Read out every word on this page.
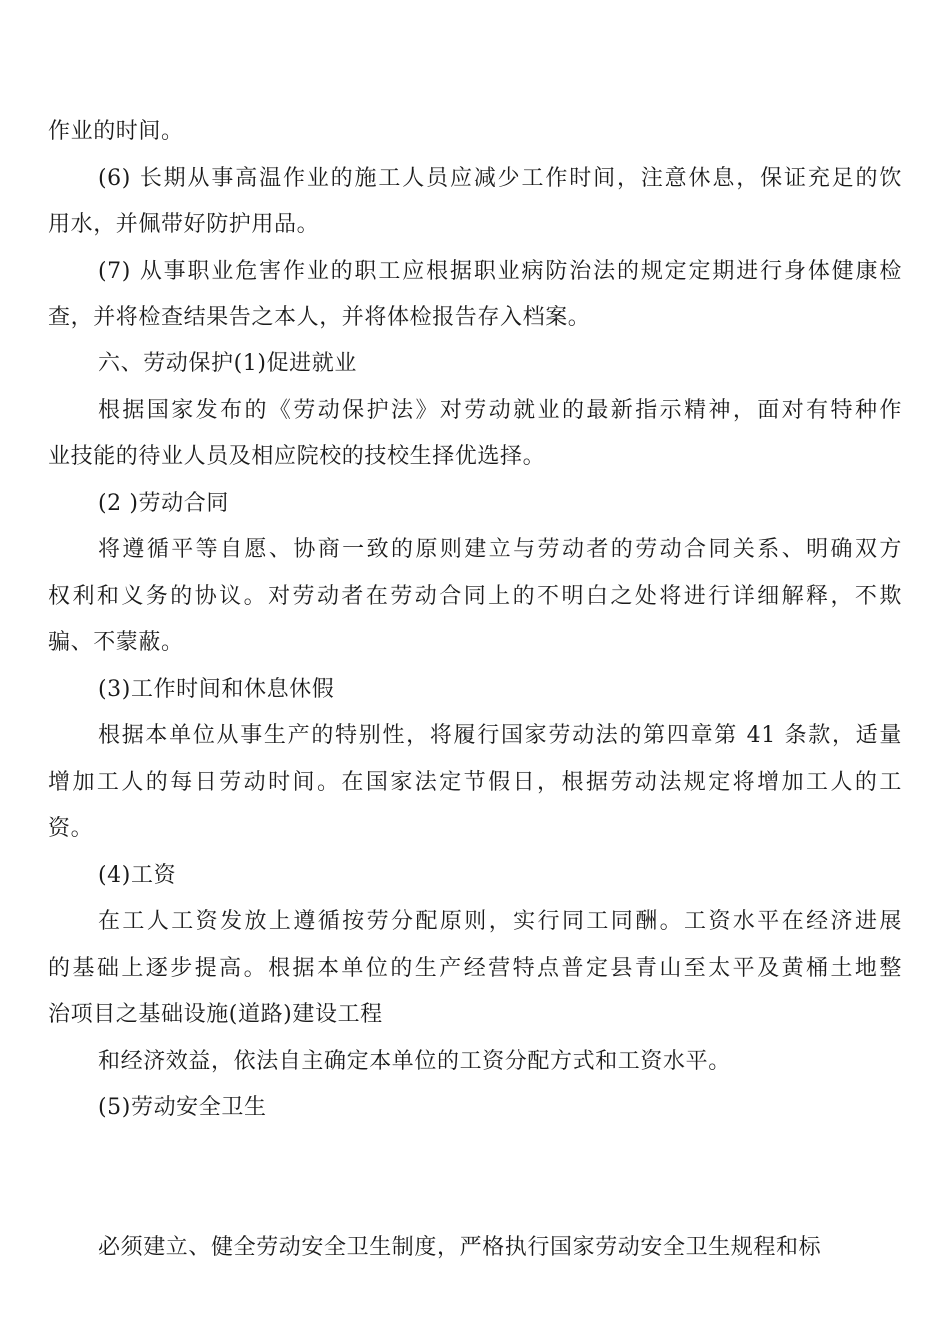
作业的时间。
(6) 长期从事高温作业的施工人员应减少工作时间，注意休息，保证充足的饮
用水，并佩带好防护用品。
(7) 从事职业危害作业的职工应根据职业病防治法的规定定期进行身体健康检
查，并将检查结果告之本人，并将体检报告存入档案。
六、劳动保护(1)促进就业
根据国家发布的《劳动保护法》对劳动就业的最新指示精神，面对有特种作
业技能的待业人员及相应院校的技校生择优选择。
(2 )劳动合同
将遵循平等自愿、协商一致的原则建立与劳动者的劳动合同关系、明确双方
权利和义务的协议。对劳动者在劳动合同上的不明白之处将进行详细解释，不欺
骗、不蒙蔽。
(3)工作时间和休息休假
根据本单位从事生产的特别性，将履行国家劳动法的第四章第 41 条款，适量
增加工人的每日劳动时间。在国家法定节假日，根据劳动法规定将增加工人的工
资。
(4)工资
在工人工资发放上遵循按劳分配原则，实行同工同酬。工资水平在经济进展
的基础上逐步提高。根据本单位的生产经营特点普定县青山至太平及黄桶土地整
治项目之基础设施(道路)建设工程
和经济效益，依法自主确定本单位的工资分配方式和工资水平。
(5)劳动安全卫生
必须建立、健全劳动安全卫生制度，严格执行国家劳动安全卫生规程和标
